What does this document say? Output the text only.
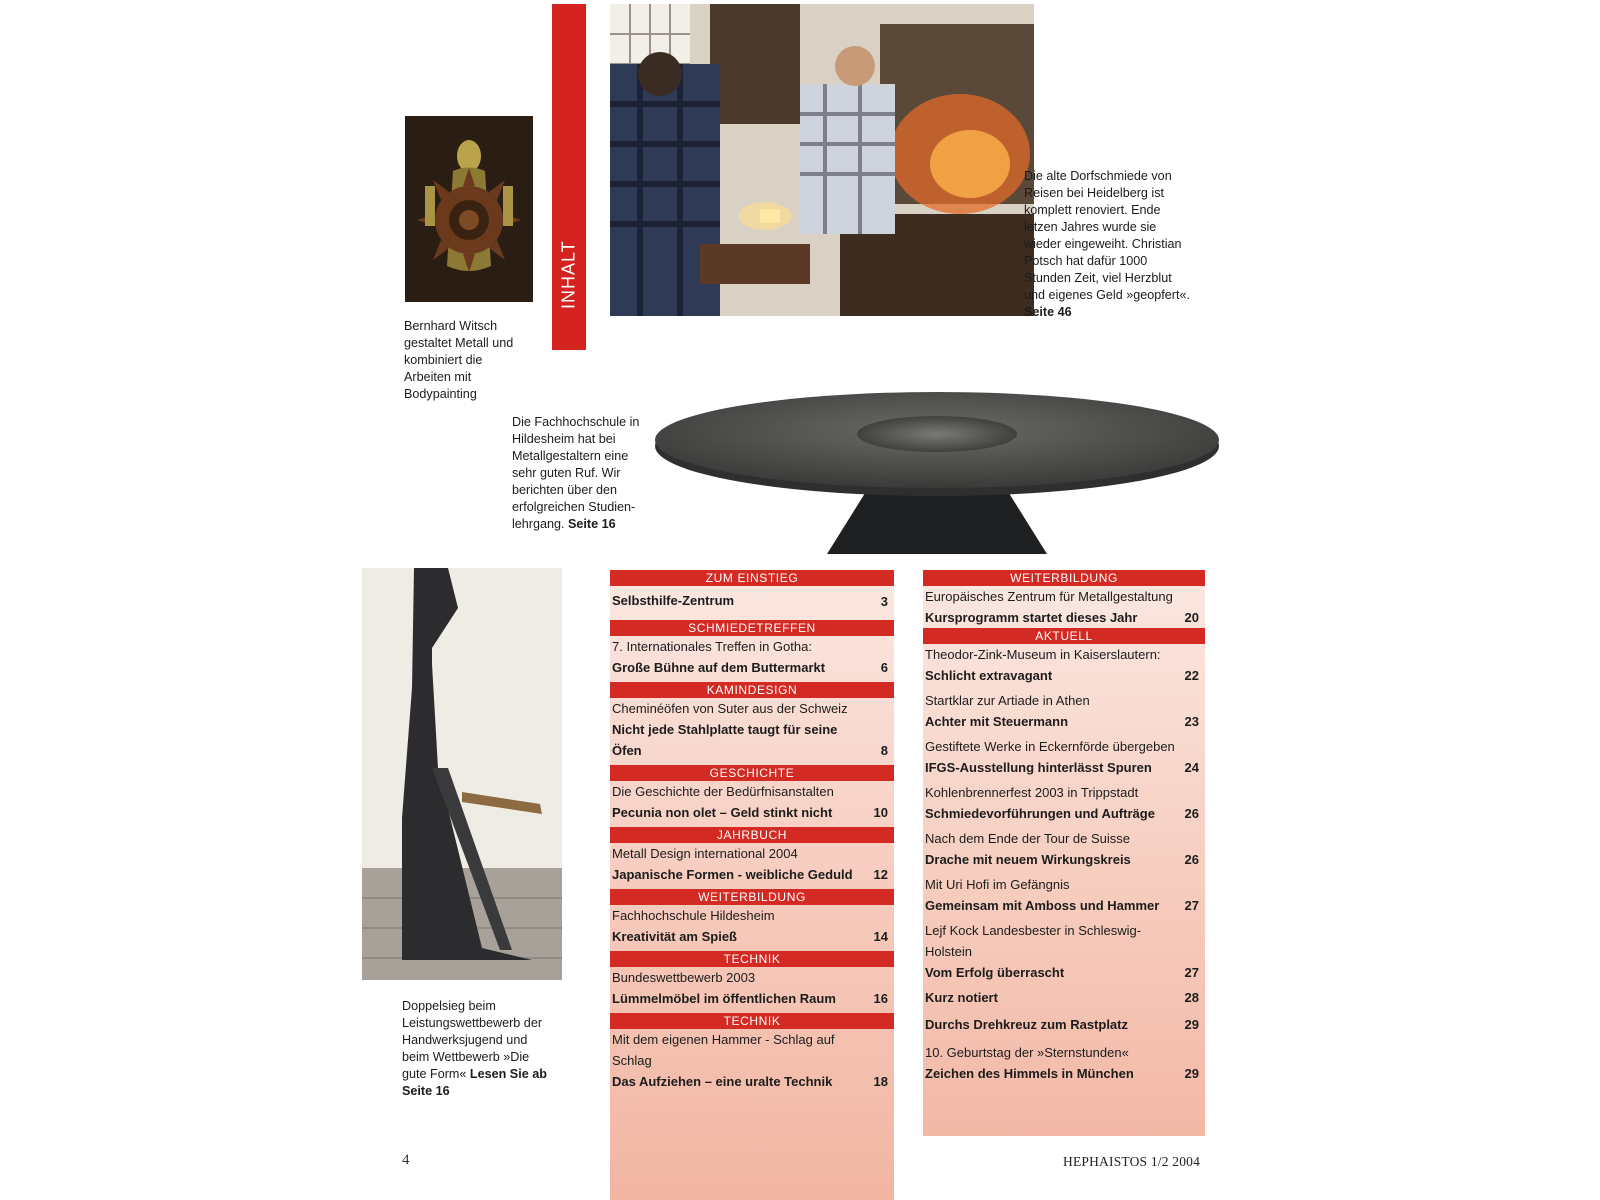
INHALT
Bernhard Witsch gestaltet Metall und kombiniert die Arbeiten mit Bodypainting
Die alte Dorfschmiede von Reisen bei Heidelberg ist komplett renoviert. Ende letzen Jahres wurde sie wieder eingeweiht. Christian Potsch hat dafür 1000 Stunden Zeit, viel Herzblut und eigenes Geld »geopfert«. Seite 46
Die Fachhochschule in Hildesheim hat bei Metallgestaltern eine sehr guten Ruf. Wir berichten über den erfolgreichen Studien-lehrgang. Seite 16
Doppelsieg beim Leistungswettbewerb der Handwerksjugend und beim Wettbewerb »Die gute Form« Lesen Sie ab Seite 16
ZUM EINSTIEG
Selbsthilfe-Zentrum	3
SCHMIEDETREFFEN
7. Internationales Treffen in Gotha:
Große Bühne auf dem Buttermarkt	6
KAMINDESIGN
Cheminéöfen von Suter aus der Schweiz
Nicht jede Stahlplatte taugt für seine Öfen	8
GESCHICHTE
Die Geschichte der Bedürfnisanstalten
Pecunia non olet – Geld stinkt nicht	10
JAHRBUCH
Metall Design international 2004
Japanische Formen - weibliche Geduld	12
WEITERBILDUNG
Fachhochschule Hildesheim
Kreativität am Spieß	14
TECHNIK
Bundeswettbewerb 2003
Lümmelmöbel im öffentlichen Raum	16
TECHNIK
Mit dem eigenen Hammer - Schlag auf Schlag
Das Aufziehen – eine uralte Technik	18
WEITERBILDUNG
Europäisches Zentrum für Metallgestaltung
Kursprogramm startet dieses Jahr	20
AKTUELL
Theodor-Zink-Museum in Kaiserslautern:
Schlicht extravagant	22
Startklar zur Artiade in Athen
Achter mit Steuermann	23
Gestiftete Werke in Eckernförde übergeben
IFGS-Ausstellung hinterlässt Spuren	24
Kohlenbrennerfest 2003 in Trippstadt
Schmiedevorführungen und Aufträge	26
Nach dem Ende der Tour de Suisse
Drache mit neuem Wirkungskreis	26
Mit Uri Hofi im Gefängnis
Gemeinsam mit Amboss und Hammer	27
Lejf Kock Landesbester in Schleswig-Holstein
Vom Erfolg überrascht	27
Kurz notiert	28
Durchs Drehkreuz zum Rastplatz	29
10. Geburtstag der »Sternstunden«
Zeichen des Himmels in München	29
4	HEPHAISTOS 1/2 2004
